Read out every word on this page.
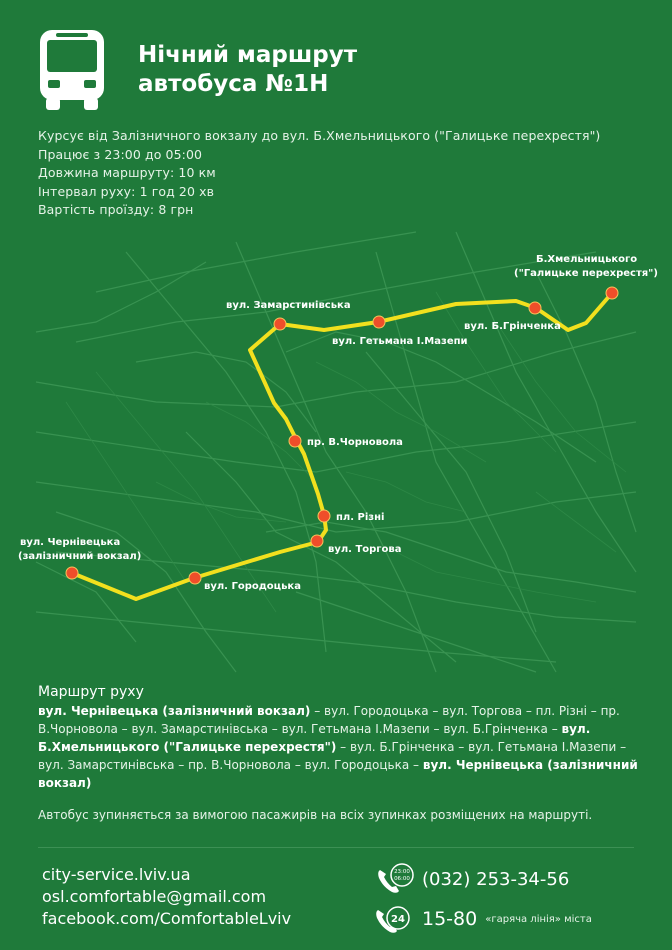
Нічний маршрут
автобуса №1Н
Курсує від Залізничного вокзалу до вул. Б.Хмельницького ("Галицьке перехрестя")
Працює з 23:00 до 05:00
Довжина маршруту: 10 км
Інтервал руху: 1 год 20 хв
Вартість проїзду: 8 грн
вул. Чернівецька
(залізничний вокзал)
вул. Городоцька
вул. Торгова
пл. Різні
пр. В.Чорновола
вул. Замарстинівська
вул. Гетьмана І.Мазепи
вул. Б.Грінченка
Б.Хмельницького
("Галицьке перехрестя")
Маршрут руху
вул. Чернівецька (залізничний вокзал) – вул. Городоцька – вул. Торгова – пл. Різні – пр. В.Чорновола – вул. Замарстинівська – вул. Гетьмана І.Мазепи – вул. Б.Грінченка – вул. Б.Хмельницького ("Галицьке перехрестя") – вул. Б.Грінченка – вул. Гетьмана І.Мазепи – вул. Замарстинівська – пр. В.Чорновола – вул. Городоцька – вул. Чернівецька (залізничний вокзал)
Автобус зупиняється за вимогою пасажирів на всіх зупинках розміщених на маршруті.
city-service.lviv.ua
osl.comfortable@gmail.com
facebook.com/ComfortableLviv
23:00
06:00 (032) 253-34-56
24 15-80 «гаряча лінія» міста
